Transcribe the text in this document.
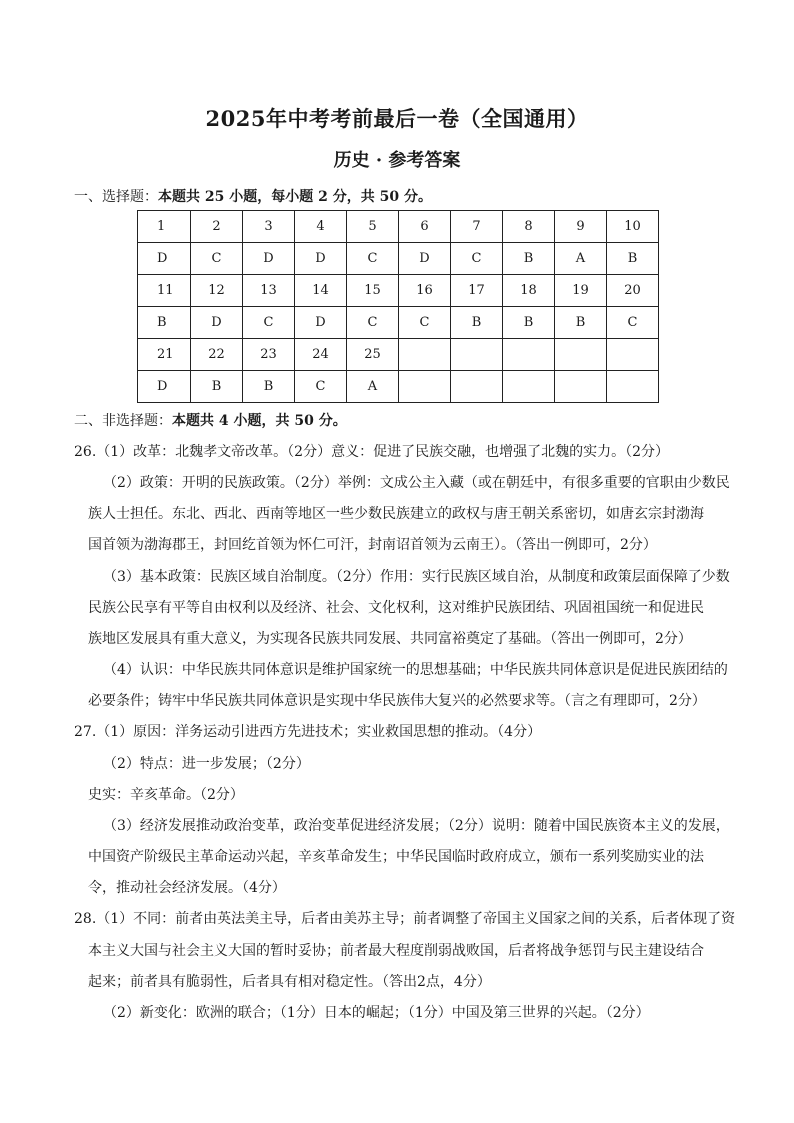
2025年中考考前最后一卷（全国通用）
历史 · 参考答案
一、选择题：本题共 25 小题，每小题 2 分，共 50 分。
1	2	3	4	5	6	7	8	9	10
D	C	D	D	C	D	C	B	A	B
11	12	13	14	15	16	17	18	19	20
B	D	C	D	C	C	B	B	B	C
21	22	23	24	25					
D	B	B	C	A					
二、非选择题：本题共 4 小题，共 50 分。
26.（1）改革：北魏孝文帝改革。（2分）意义：促进了民族交融，也增强了北魏的实力。（2分）
（2）政策：开明的民族政策。（2分）举例：文成公主入藏（或在朝廷中，有很多重要的官职由少数民
族人士担任。东北、西北、西南等地区一些少数民族建立的政权与唐王朝关系密切，如唐玄宗封渤海
国首领为渤海郡王，封回纥首领为怀仁可汗，封南诏首领为云南王）。（答出一例即可，2分）
（3）基本政策：民族区域自治制度。（2分）作用：实行民族区域自治，从制度和政策层面保障了少数
民族公民享有平等自由权利以及经济、社会、文化权利，这对维护民族团结、巩固祖国统一和促进民
族地区发展具有重大意义，为实现各民族共同发展、共同富裕奠定了基础。（答出一例即可，2分）
（4）认识：中华民族共同体意识是维护国家统一的思想基础；中华民族共同体意识是促进民族团结的
必要条件；铸牢中华民族共同体意识是实现中华民族伟大复兴的必然要求等。（言之有理即可，2分）
27.（1）原因：洋务运动引进西方先进技术；实业救国思想的推动。（4分）
（2）特点：进一步发展；（2分）
史实：辛亥革命。（2分）
（3）经济发展推动政治变革，政治变革促进经济发展；（2分）说明：随着中国民族资本主义的发展，
中国资产阶级民主革命运动兴起，辛亥革命发生；中华民国临时政府成立，颁布一系列奖励实业的法
令，推动社会经济发展。（4分）
28.（1）不同：前者由英法美主导，后者由美苏主导；前者调整了帝国主义国家之间的关系，后者体现了资
本主义大国与社会主义大国的暂时妥协；前者最大程度削弱战败国，后者将战争惩罚与民主建设结合
起来；前者具有脆弱性，后者具有相对稳定性。（答出2点，4分）
（2）新变化：欧洲的联合；（1分）日本的崛起；（1分）中国及第三世界的兴起。（2分）
